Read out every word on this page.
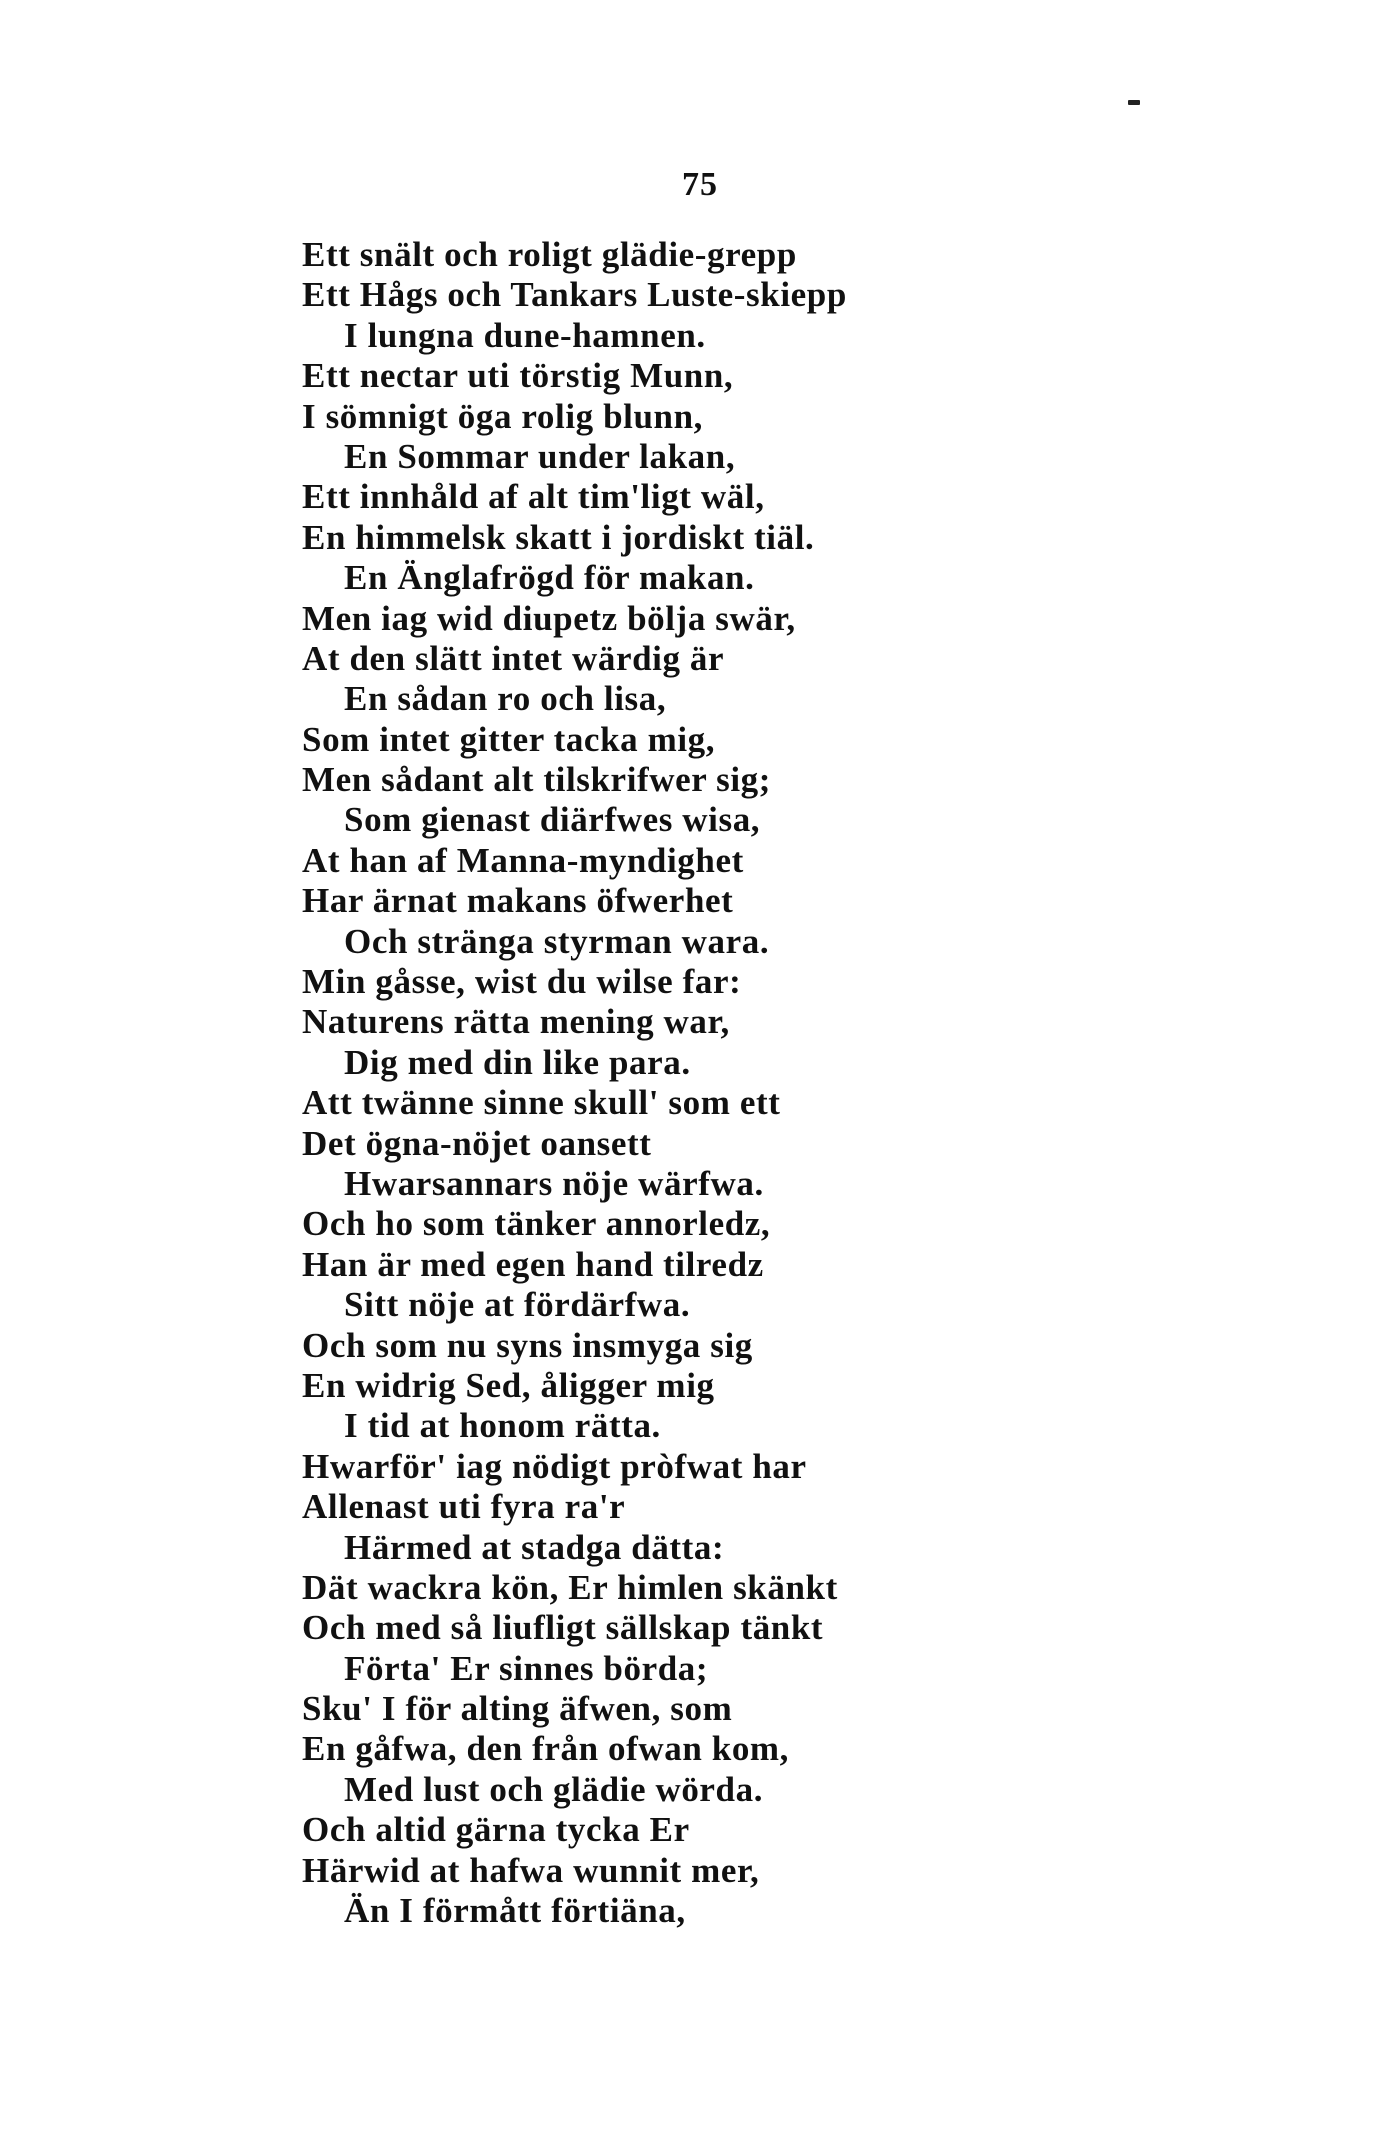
75
Ett snält och roligt glädie-grepp
Ett Hågs och Tankars Luste-skiepp
I lungna dune-hamnen.
Ett nectar uti törstig Munn,
I sömnigt öga rolig blunn,
En Sommar under lakan,
Ett innhåld af alt tim'ligt wäl,
En himmelsk skatt i jordiskt tiäl.
En Änglafrögd för makan.
Men iag wid diupetz bölja swär,
At den slätt intet wärdig är
En sådan ro och lisa,
Som intet gitter tacka mig,
Men sådant alt tilskrifwer sig;
Som gienast diärfwes wisa,
At han af Manna-myndighet
Har ärnat makans öfwerhet
Och stränga styrman wara.
Min gåsse, wist du wilse far:
Naturens rätta mening war,
Dig med din like para.
Att twänne sinne skull' som ett
Det ögna-nöjet oansett
Hwarsannars nöje wärfwa.
Och ho som tänker annorledz,
Han är med egen hand tilredz
Sitt nöje at fördärfwa.
Och som nu syns insmyga sig
En widrig Sed, åligger mig
I tid at honom rätta.
Hwarför' iag nödigt pròfwat har
Allenast uti fyra ra'r
Härmed at stadga dätta:
Dät wackra kön, Er himlen skänkt
Och med så liufligt sällskap tänkt
Förta' Er sinnes börda;
Sku' I för alting äfwen, som
En gåfwa, den från ofwan kom,
Med lust och glädie wörda.
Och altid gärna tycka Er
Härwid at hafwa wunnit mer,
Än I förmått förtiäna,
